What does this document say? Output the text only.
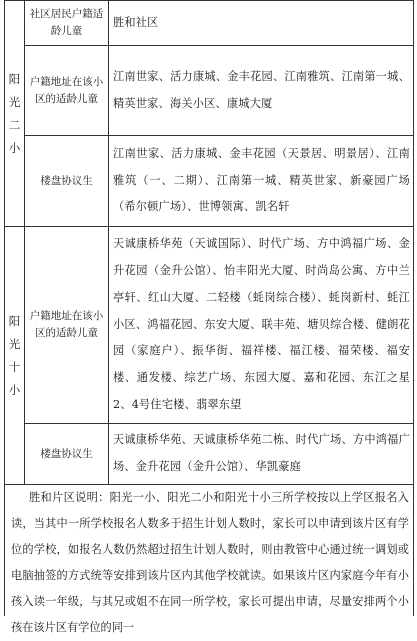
阳
光
二
小	社区居民户籍适龄儿童	胜和社区
	户籍地址在该小区的适龄儿童	江南世家、活力康城、金丰花园、江南雅筑、江南第一城、精英世家、海关小区、康城大厦
	楼盘协议生	江南世家、活力康城、金丰花园（天景居、明景居）、江南雅筑（一、二期）、江南第一城、精英世家、新豪园广场（希尔顿广场）、世博领寓、凯名轩

阳
光
十
小	户籍地址在该小区的适龄儿童	天诚康桥华苑（天诚国际）、时代广场、方中鸿福广场、金升花园（金升公馆）、怡丰阳光大厦、时尚岛公寓、方中兰亭轩、红山大厦、二轻楼（蚝岗综合楼）、蚝岗新村、蚝江小区、鸿福花园、东安大厦、联丰苑、塘贝综合楼、健朗花园（家庭户）、振华街、福祥楼、福江楼、福荣楼、福安楼、通发楼、综艺广场、东园大厦、嘉和花园、东江之星2、4号住宅楼、翡翠东望
	楼盘协议生	天诚康桥华苑、天诚康桥华苑二栋、时代广场、方中鸿福广场、金升花园（金升公馆）、华凯豪庭
胜和片区说明：阳光一小、阳光二小和阳光十小三所学校按以上学区报名入读，当其中一所学校报名人数多于招生计划人数时，家长可以申请到该片区有学位的学校，如报名人数仍然超过招生计划人数时，则由教管中心通过统一调划或电脑抽签的方式统等安排到该片区内其他学校就读。如果该片区内家庭今年有小孩入读一年级，与其兄或姐不在同一所学校，家长可提出申请，尽量安排两个小孩在该片区有学位的同一
